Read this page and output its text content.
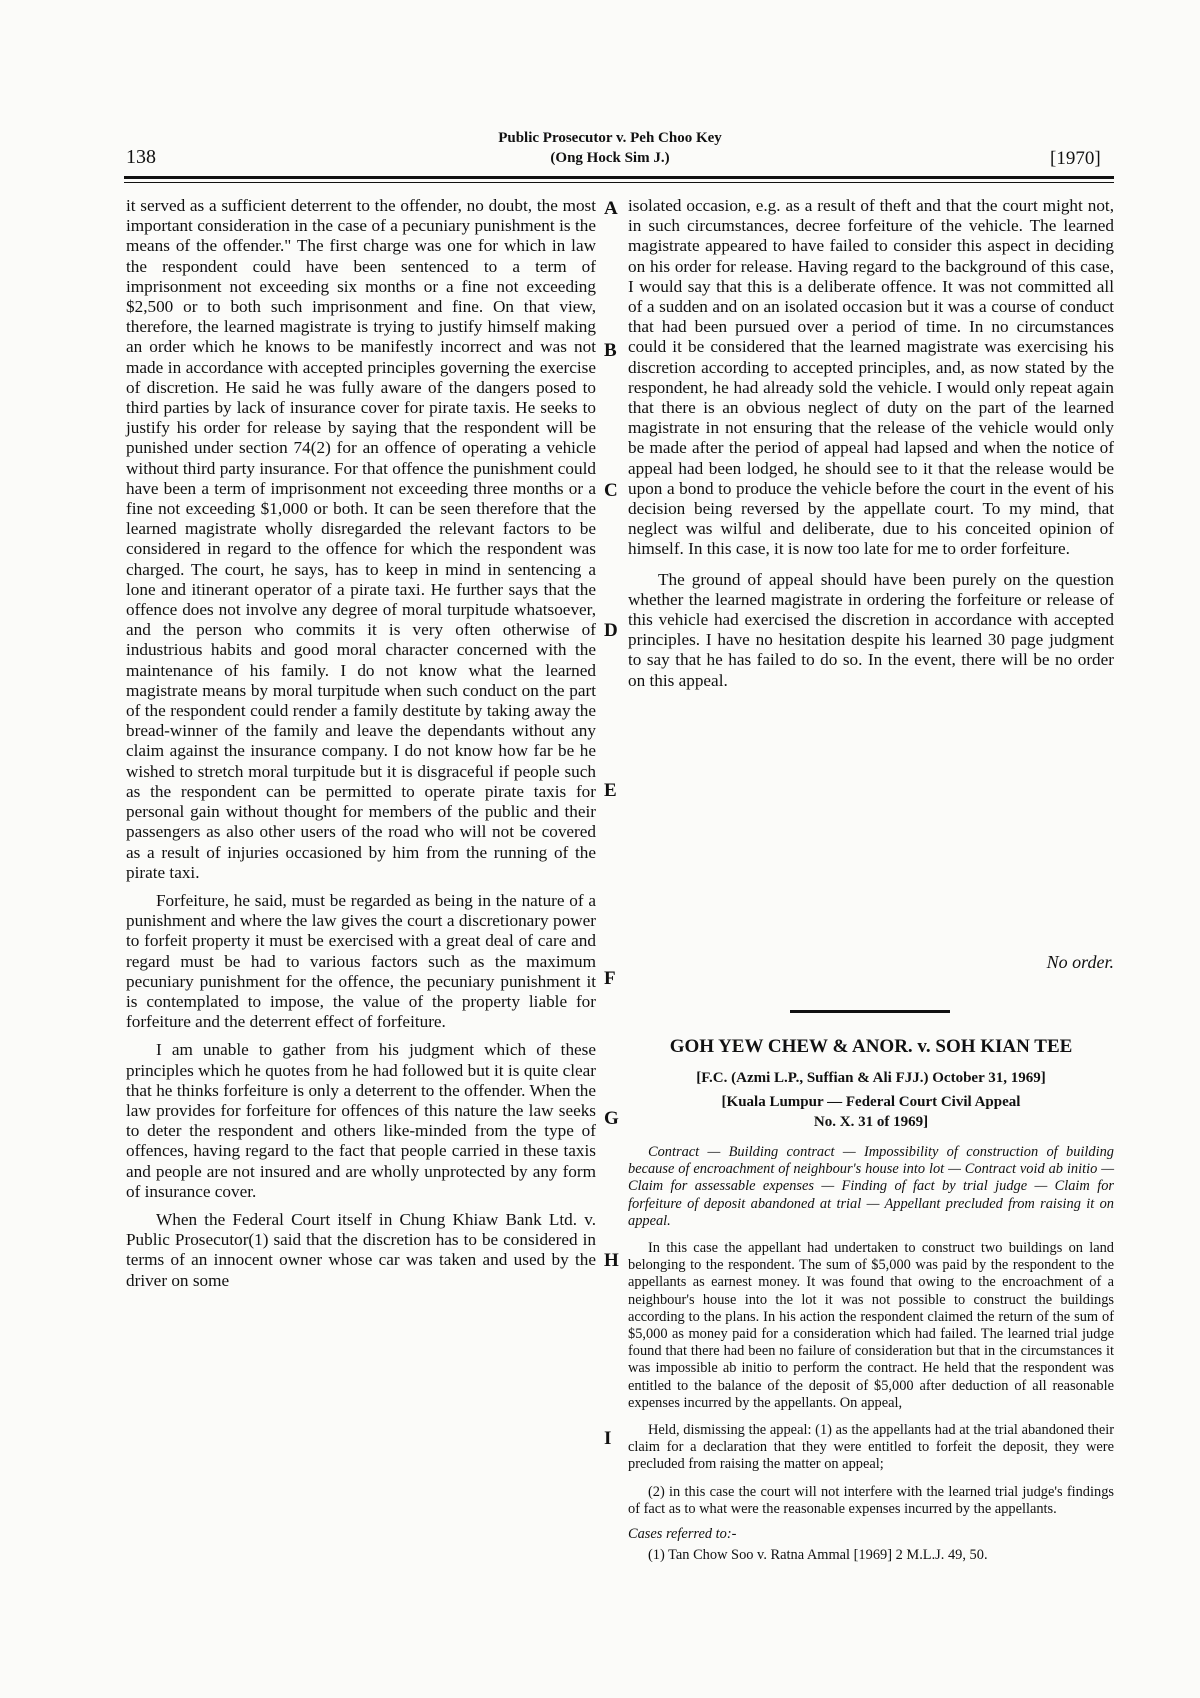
138
Public Prosecutor v. Peh Choo Key
(Ong Hock Sim J.)	[1970]

it served as a sufficient deterrent to the offender, no doubt, the most important consideration in the case of a pecuniary punishment is the means of the offender." The first charge was one for which in law the respondent could have been sentenced to a term of imprisonment not exceeding six months or a fine not exceeding $2,500 or to both such imprisonment and fine. On that view, therefore, the learned magistrate is trying to justify himself making an order which he knows to be manifestly incorrect and was not made in accordance with accepted principles governing the exercise of discretion. He said he was fully aware of the dangers posed to third parties by lack of insurance cover for pirate taxis. He seeks to justify his order for release by saying that the respondent will be punished under section 74(2) for an offence of operating a vehicle without third party insurance. For that offence the punishment could have been a term of imprisonment not exceeding three months or a fine not exceeding $1,000 or both. It can be seen therefore that the learned magistrate wholly disregarded the relevant factors to be considered in regard to the offence for which the respondent was charged. The court, he says, has to keep in mind in sentencing a lone and itinerant operator of a pirate taxi. He further says that the offence does not involve any degree of moral turpitude whatsoever, and the person who commits it is very often otherwise of industrious habits and good moral character concerned with the maintenance of his family. I do not know what the learned magistrate means by moral turpitude when such conduct on the part of the respondent could render a family destitute by taking away the bread-winner of the family and leave the dependants without any claim against the insurance company. I do not know how far be he wished to stretch moral turpitude but it is disgraceful if people such as the respondent can be permitted to operate pirate taxis for personal gain without thought for members of the public and their passengers as also other users of the road who will not be covered as a result of injuries occasioned by him from the running of the pirate taxi.

Forfeiture, he said, must be regarded as being in the nature of a punishment and where the law gives the court a discretionary power to forfeit property it must be exercised with a great deal of care and regard must be had to various factors such as the maximum pecuniary punishment for the offence, the pecuniary punishment it is contemplated to impose, the value of the property liable for forfeiture and the deterrent effect of forfeiture.

I am unable to gather from his judgment which of these principles which he quotes from he had followed but it is quite clear that he thinks forfeiture is only a deterrent to the offender. When the law provides for forfeiture for offences of this nature the law seeks to deter the respondent and others like-minded from the type of offences, having regard to the fact that people carried in these taxis and people are not insured and are wholly unprotected by any form of insurance cover.

When the Federal Court itself in Chung Khiaw Bank Ltd. v. Public Prosecutor(1) said that the discretion has to be considered in terms of an innocent owner whose car was taken and used by the driver on some

A
B
C
D
E
F
G
H
I

isolated occasion, e.g. as a result of theft and that the court might not, in such circumstances, decree forfeiture of the vehicle. The learned magistrate appeared to have failed to consider this aspect in deciding on his order for release. Having regard to the background of this case, I would say that this is a deliberate offence. It was not committed all of a sudden and on an isolated occasion but it was a course of conduct that had been pursued over a period of time. In no circumstances could it be considered that the learned magistrate was exercising his discretion according to accepted principles, and, as now stated by the respondent, he had already sold the vehicle. I would only repeat again that there is an obvious neglect of duty on the part of the learned magistrate in not ensuring that the release of the vehicle would only be made after the period of appeal had lapsed and when the notice of appeal had been lodged, he should see to it that the release would be upon a bond to produce the vehicle before the court in the event of his decision being reversed by the appellate court. To my mind, that neglect was wilful and deliberate, due to his conceited opinion of himself. In this case, it is now too late for me to order forfeiture.

The ground of appeal should have been purely on the question whether the learned magistrate in ordering the forfeiture or release of this vehicle had exercised the discretion in accordance with accepted principles. I have no hesitation despite his learned 30 page judgment to say that he has failed to do so. In the event, there will be no order on this appeal.

No order.

GOH YEW CHEW & ANOR. v. SOH KIAN TEE

[F.C. (Azmi L.P., Suffian & Ali FJJ.) October 31, 1969]

[Kuala Lumpur — Federal Court Civil Appeal

No. X. 31 of 1969]

Contract — Building contract — Impossibility of construction of building because of encroachment of neighbour's house into lot — Contract void ab initio — Claim for assessable expenses — Finding of fact by trial judge — Claim for forfeiture of deposit abandoned at trial — Appellant precluded from raising it on appeal.

In this case the appellant had undertaken to construct two buildings on land belonging to the respondent. The sum of $5,000 was paid by the respondent to the appellants as earnest money. It was found that owing to the encroachment of a neighbour's house into the lot it was not possible to construct the buildings according to the plans. In his action the respondent claimed the return of the sum of $5,000 as money paid for a consideration which had failed. The learned trial judge found that there had been no failure of consideration but that in the circumstances it was impossible ab initio to perform the contract. He held that the respondent was entitled to the balance of the deposit of $5,000 after deduction of all reasonable expenses incurred by the appellants. On appeal,

Held, dismissing the appeal: (1) as the appellants had at the trial abandoned their claim for a declaration that they were entitled to forfeit the deposit, they were precluded from raising the matter on appeal;

(2) in this case the court will not interfere with the learned trial judge's findings of fact as to what were the reasonable expenses incurred by the appellants.

Cases referred to:-

(1) Tan Chow Soo v. Ratna Ammal [1969] 2 M.L.J. 49, 50.
